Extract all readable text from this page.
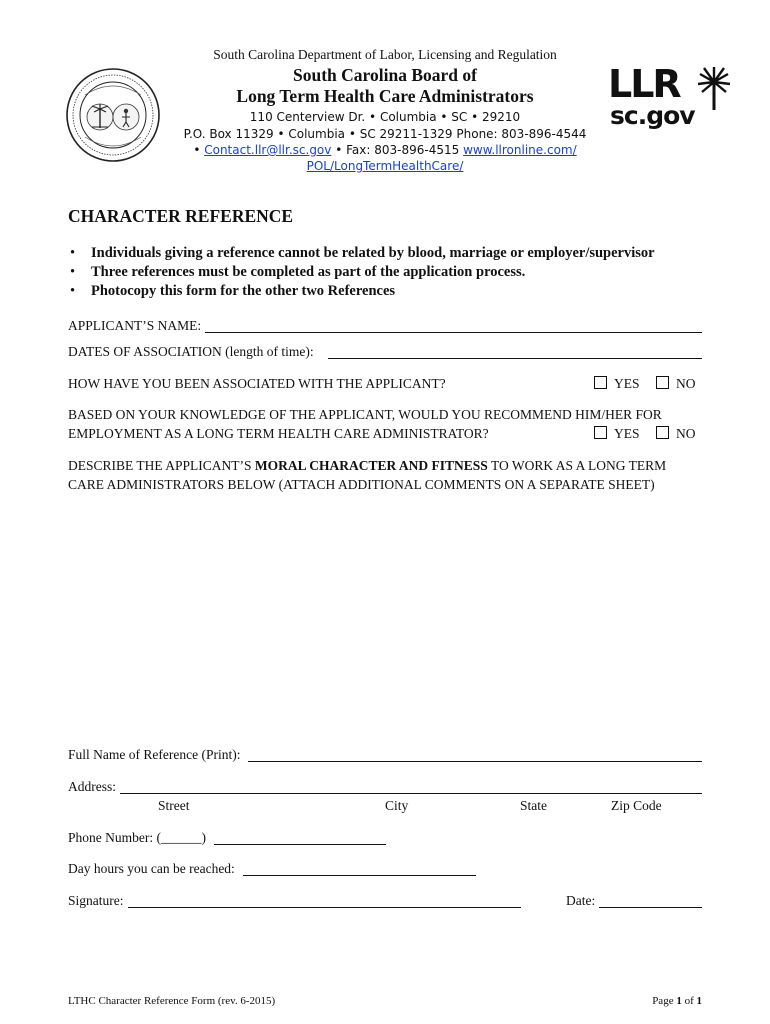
South Carolina Department of Labor, Licensing and Regulation
South Carolina Board of
Long Term Health Care Administrators
110 Centerview Dr. • Columbia • SC • 29210
P.O. Box 11329 • Columbia • SC 29211-1329 Phone: 803-896-4544
• Contact.llr@llr.sc.gov • Fax: 803-896-4515 www.llronline.com/
POL/LongTermHealthCare/
LLR
sc.gov
CHARACTER REFERENCE
• Individuals giving a reference cannot be related by blood, marriage or employer/supervisor
• Three references must be completed as part of the application process.
• Photocopy this form for the other two References
APPLICANT’S NAME:
DATES OF ASSOCIATION (length of time):
HOW HAVE YOU BEEN ASSOCIATED WITH THE APPLICANT?	YES	NO
BASED ON YOUR KNOWLEDGE OF THE APPLICANT, WOULD YOU RECOMMEND HIM/HER FOR
EMPLOYMENT AS A LONG TERM HEALTH CARE ADMINISTRATOR?	YES	NO
DESCRIBE THE APPLICANT’S MORAL CHARACTER AND FITNESS TO WORK AS A LONG TERM
CARE ADMINISTRATORS BELOW (ATTACH ADDITIONAL COMMENTS ON A SEPARATE SHEET)
Full Name of Reference (Print):
Address:
Street	City	State	Zip Code
Phone Number: (______)
Day hours you can be reached:
Signature:	Date:
LTHC Character Reference Form (rev. 6-2015)	Page 1 of 1
